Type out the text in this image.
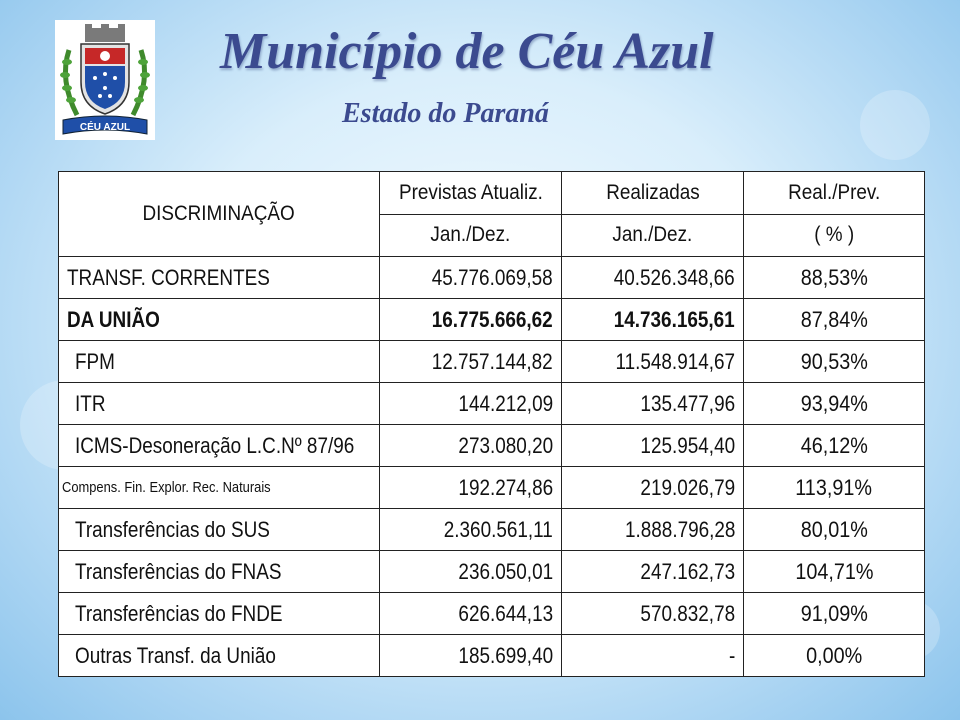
CÉU AZUL
Município de Céu Azul
Estado do Paraná
DISCRIMINAÇÃO	Previstas Atualiz.	Realizadas	Real./Prev.
	Jan./Dez.	Jan./Dez.	( % )
TRANSF. CORRENTES	45.776.069,58	40.526.348,66	88,53%
DA UNIÃO	16.775.666,62	14.736.165,61	87,84%
FPM	12.757.144,82	11.548.914,67	90,53%
ITR	144.212,09	135.477,96	93,94%
ICMS-Desoneração L.C.Nº 87/96	273.080,20	125.954,40	46,12%
Compens. Fin. Explor. Rec. Naturais	192.274,86	219.026,79	113,91%
Transferências do SUS	2.360.561,11	1.888.796,28	80,01%
Transferências do FNAS	236.050,01	247.162,73	104,71%
Transferências do FNDE	626.644,13	570.832,78	91,09%
Outras Transf. da União	185.699,40	-	0,00%
